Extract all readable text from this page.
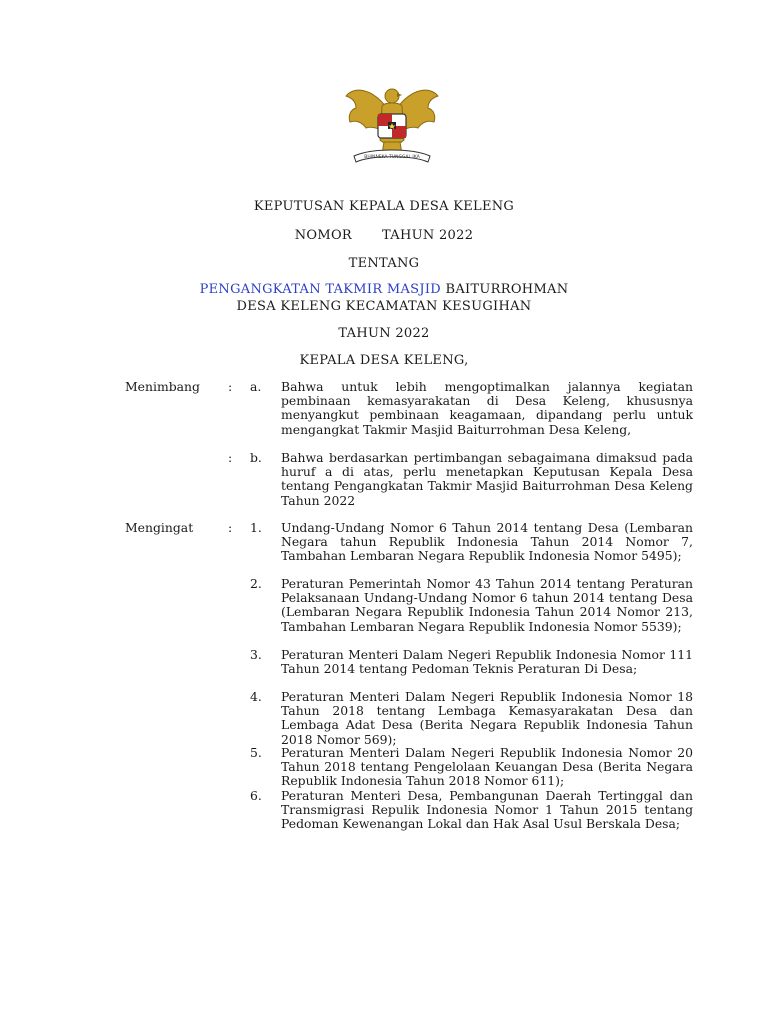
BHINNEKA TUNGGAL IKA
KEPUTUSAN KEPALA DESA KELENG
NOMOR TAHUN 2022
TENTANG
PENGANGKATAN TAKMIR MASJID BAITURROHMAN
DESA KELENG KECAMATAN KESUGIHAN
TAHUN 2022
KEPALA DESA KELENG,
Menimbang : a. Bahwa untuk lebih mengoptimalkan jalannya kegiatan pembinaan kemasyarakatan di Desa Keleng, khususnya menyangkut pembinaan keagamaan, dipandang perlu untuk mengangkat Takmir Masjid Baiturrohman Desa Keleng,
: b. Bahwa berdasarkan pertimbangan sebagaimana dimaksud pada huruf a di atas, perlu menetapkan Keputusan Kepala Desa tentang Pengangkatan Takmir Masjid Baiturrohman Desa Keleng Tahun 2022
Mengingat	: 1. Undang-Undang Nomor 6 Tahun 2014 tentang Desa (Lembaran Negara tahun Republik Indonesia Tahun 2014 Nomor 7, Tambahan Lembaran Negara Republik Indonesia Nomor 5495);
2. Peraturan Pemerintah Nomor 43 Tahun 2014 tentang Peraturan Pelaksanaan Undang-Undang Nomor 6 tahun 2014 tentang Desa (Lembaran Negara Republik Indonesia Tahun 2014 Nomor 213, Tambahan Lembaran Negara Republik Indonesia Nomor 5539);
3. Peraturan Menteri Dalam Negeri Republik Indonesia Nomor 111 Tahun 2014 tentang Pedoman Teknis Peraturan Di Desa;
4. Peraturan Menteri Dalam Negeri Republik Indonesia Nomor 18 Tahun 2018 tentang Lembaga Kemasyarakatan Desa dan Lembaga Adat Desa (Berita Negara Republik Indonesia Tahun 2018 Nomor 569);
5. Peraturan Menteri Dalam Negeri Republik Indonesia Nomor 20 Tahun 2018 tentang Pengelolaan Keuangan Desa (Berita Negara Republik Indonesia Tahun 2018 Nomor 611);
6. Peraturan Menteri Desa, Pembangunan Daerah Tertinggal dan Transmigrasi Repulik Indonesia Nomor 1 Tahun 2015 tentang Pedoman Kewenangan Lokal dan Hak Asal Usul Berskala Desa;
